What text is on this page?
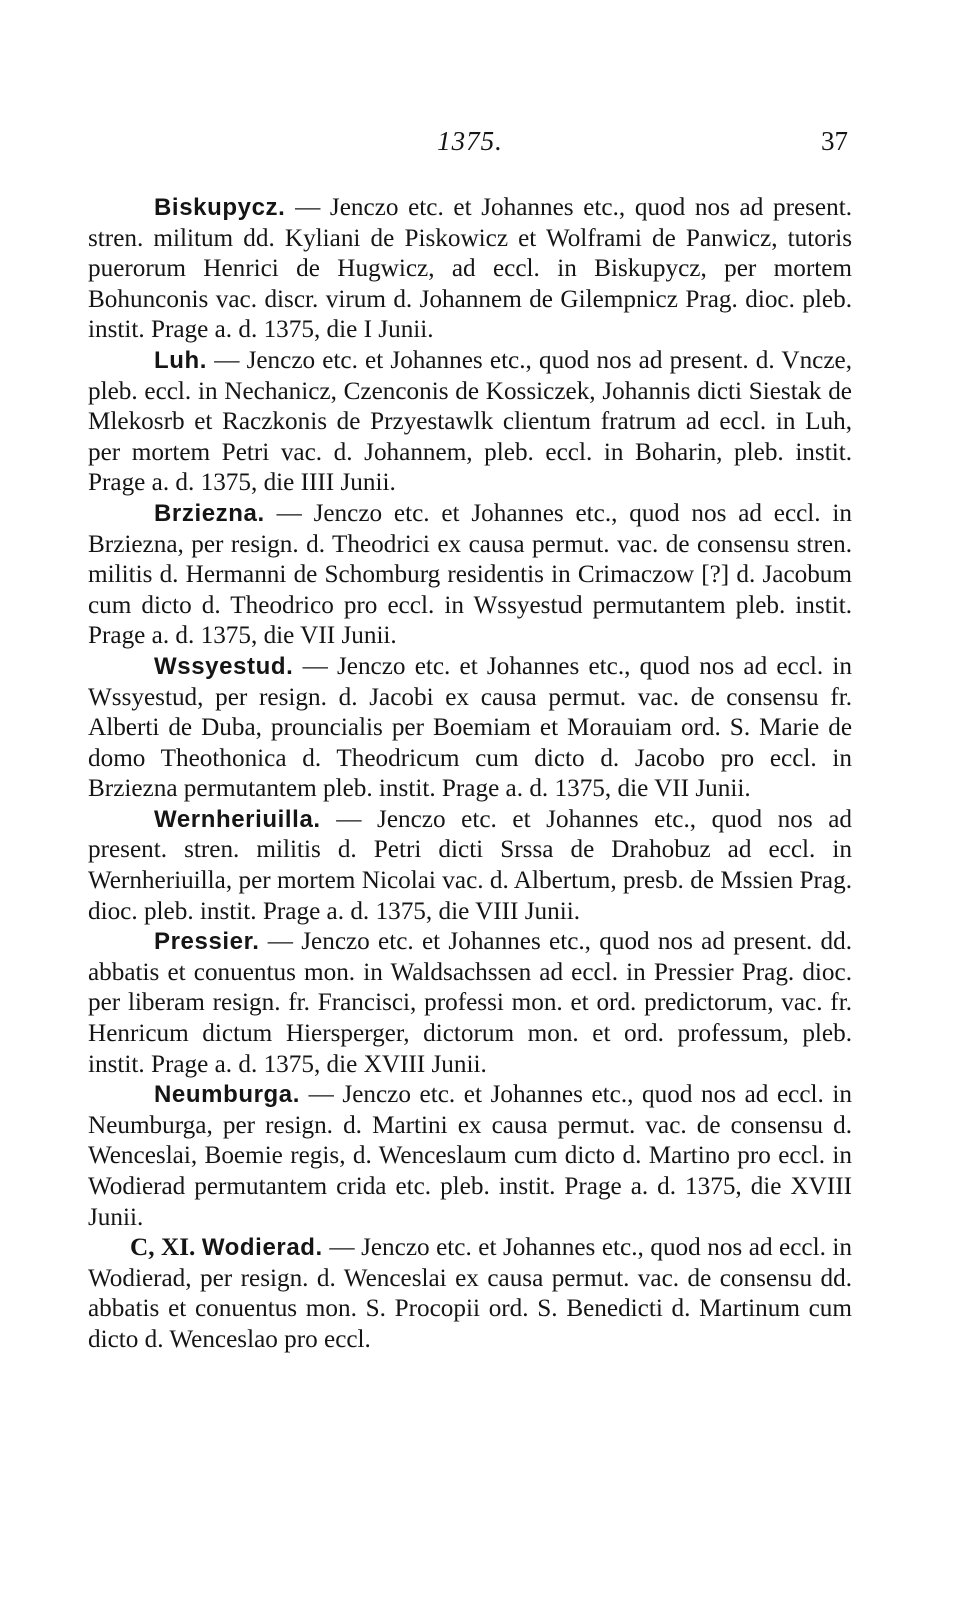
1375.	37

Biskupycz. — Jenczo etc. et Johannes etc., quod nos ad present. stren. militum dd. Kyliani de Piskowicz et Wolframi de Panwicz, tutoris puerorum Henrici de Hugwicz, ad eccl. in Biskupycz, per mortem Bohunconis vac. discr. virum d. Johannem de Gilempnicz Prag. dioc. pleb. instit. Prage a. d. 1375, die I Junii.

Luh. — Jenczo etc. et Johannes etc., quod nos ad present. d. Vncze, pleb. eccl. in Nechanicz, Czenconis de Kossiczek, Johannis dicti Siestak de Mlekosrb et Raczkonis de Przyestawlk clientum fratrum ad eccl. in Luh, per mortem Petri vac. d. Johannem, pleb. eccl. in Boharin, pleb. instit. Prage a. d. 1375, die IIII Junii.

Brziezna. — Jenczo etc. et Johannes etc., quod nos ad eccl. in Brziezna, per resign. d. Theodrici ex causa permut. vac. de consensu stren. militis d. Hermanni de Schomburg residentis in Crimaczow [?] d. Jacobum cum dicto d. Theodrico pro eccl. in Wssyestud permutantem pleb. instit. Prage a. d. 1375, die VII Junii.

Wssyestud. — Jenczo etc. et Johannes etc., quod nos ad eccl. in Wssyestud, per resign. d. Jacobi ex causa permut. vac. de consensu fr. Alberti de Duba, prouncialis per Boemiam et Morauiam ord. S. Marie de domo Theothonica d. Theodricum cum dicto d. Jacobo pro eccl. in Brziezna permutantem pleb. instit. Prage a. d. 1375, die VII Junii.

Wernheriuilla. — Jenczo etc. et Johannes etc., quod nos ad present. stren. militis d. Petri dicti Srssa de Drahobuz ad eccl. in Wernheriuilla, per mortem Nicolai vac. d. Albertum, presb. de Mssien Prag. dioc. pleb. instit. Prage a. d. 1375, die VIII Junii.

Pressier. — Jenczo etc. et Johannes etc., quod nos ad present. dd. abbatis et conuentus mon. in Waldsachssen ad eccl. in Pressier Prag. dioc. per liberam resign. fr. Francisci, professi mon. et ord. predictorum, vac. fr. Henricum dictum Hiersperger, dictorum mon. et ord. professum, pleb. instit. Prage a. d. 1375, die XVIII Junii.

Neumburga. — Jenczo etc. et Johannes etc., quod nos ad eccl. in Neumburga, per resign. d. Martini ex causa permut. vac. de consensu d. Wenceslai, Boemie regis, d. Wenceslaum cum dicto d. Martino pro eccl. in Wodierad permutantem crida etc. pleb. instit. Prage a. d. 1375, die XVIII Junii.

C, XI. Wodierad. — Jenczo etc. et Johannes etc., quod nos ad eccl. in Wodierad, per resign. d. Wenceslai ex causa permut. vac. de consensu dd. abbatis et conuentus mon. S. Procopii ord. S. Benedicti d. Martinum cum dicto d. Wenceslao pro eccl.
